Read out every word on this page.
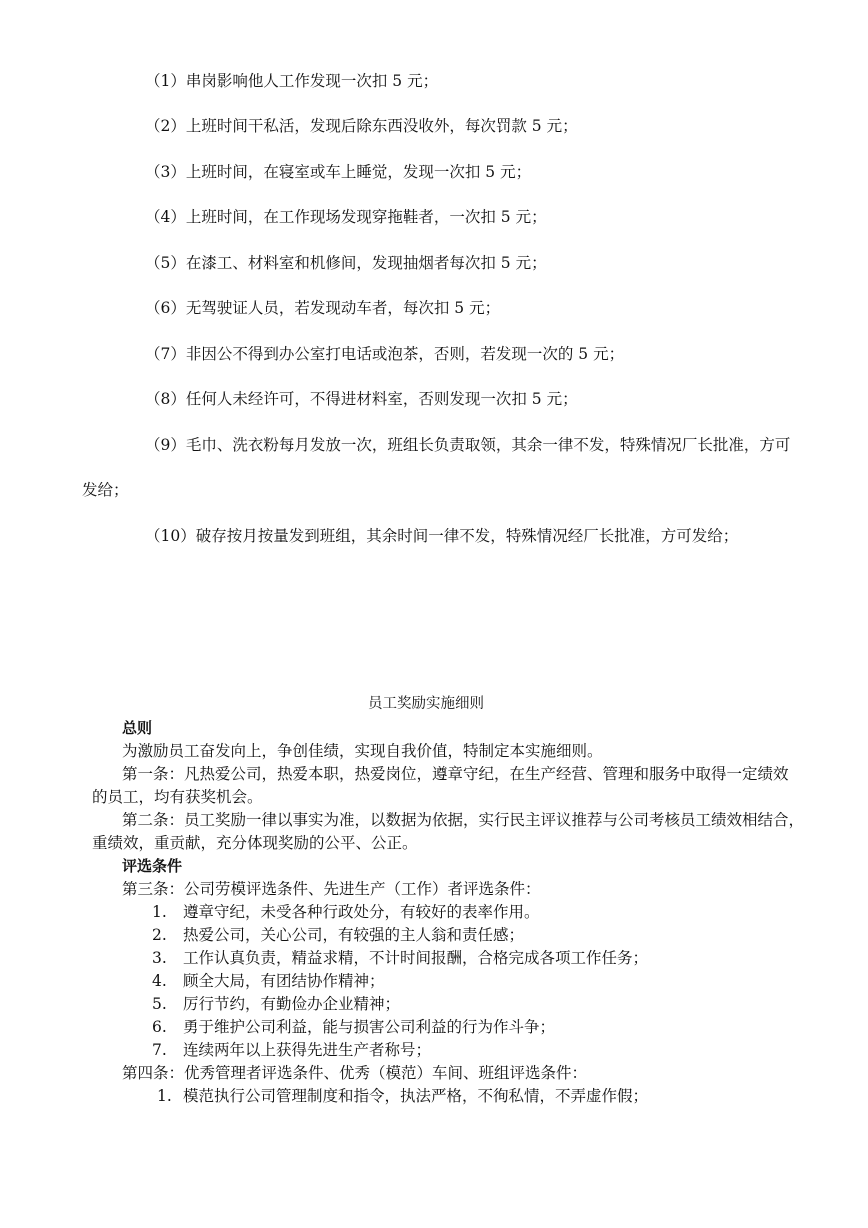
（1）串岗影响他人工作发现一次扣 5 元；
（2）上班时间干私活，发现后除东西没收外，每次罚款 5 元；
（3）上班时间，在寝室或车上睡觉，发现一次扣 5 元；
（4）上班时间，在工作现场发现穿拖鞋者，一次扣 5 元；
（5）在漆工、材料室和机修间，发现抽烟者每次扣 5 元；
（6）无驾驶证人员，若发现动车者，每次扣 5 元；
（7）非因公不得到办公室打电话或泡茶，否则，若发现一次的 5 元；
（8）任何人未经许可，不得进材料室，否则发现一次扣 5 元；
（9）毛巾、洗衣粉每月发放一次，班组长负责取领，其余一律不发，特殊情况厂长批准，方可
发给；
（10）破存按月按量发到班组，其余时间一律不发，特殊情况经厂长批准，方可发给；
员工奖励实施细则
总则
为激励员工奋发向上，争创佳绩，实现自我价值，特制定本实施细则。
第一条：凡热爱公司，热爱本职，热爱岗位，遵章守纪，在生产经营、管理和服务中取得一定绩效
的员工，均有获奖机会。
第二条：员工奖励一律以事实为准，以数据为依据，实行民主评议推荐与公司考核员工绩效相结合，
重绩效，重贡献，充分体现奖励的公平、公正。
评选条件
第三条：公司劳模评选条件、先进生产（工作）者评选条件：
1. 遵章守纪，未受各种行政处分，有较好的表率作用。
2. 热爱公司，关心公司，有较强的主人翁和责任感；
3. 工作认真负责，精益求精，不计时间报酬，合格完成各项工作任务；
4. 顾全大局，有团结协作精神；
5. 厉行节约，有勤俭办企业精神；
6. 勇于维护公司利益，能与损害公司利益的行为作斗争；
7. 连续两年以上获得先进生产者称号；
第四条：优秀管理者评选条件、优秀（模范）车间、班组评选条件：
1. 模范执行公司管理制度和指令，执法严格，不徇私情，不弄虚作假；
